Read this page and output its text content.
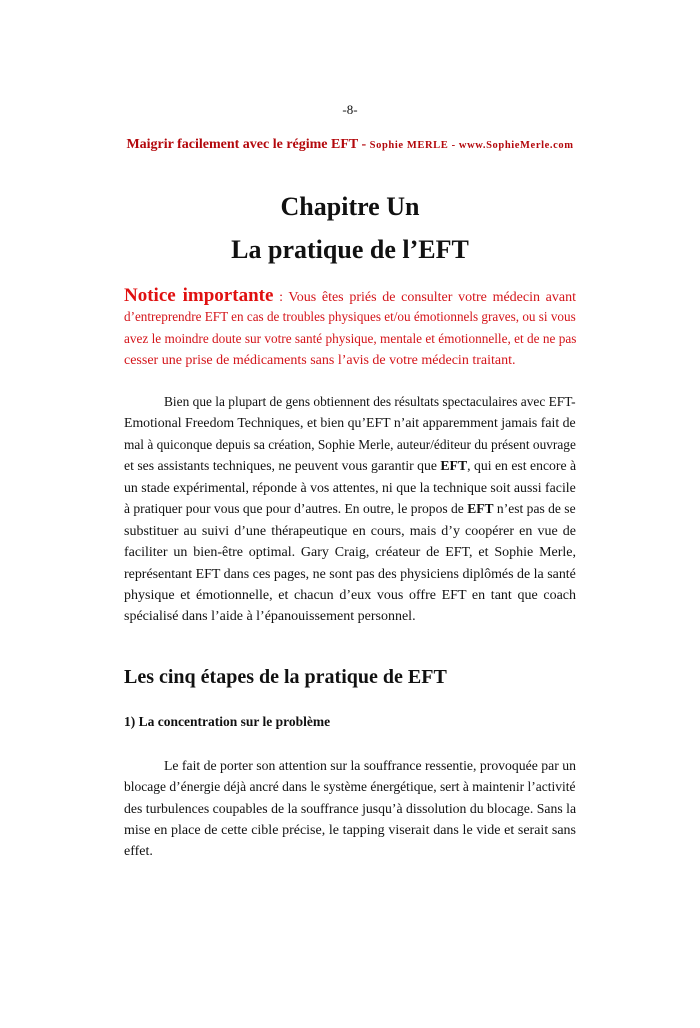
-8-
Maigrir facilement avec le régime EFT - Sophie MERLE - www.SophieMerle.com
Chapitre Un
La pratique de l’EFT
Notice importante : Vous êtes priés de consulter votre médecin avant
d’entreprendre EFT en cas de troubles physiques et/ou émotionnels graves, ou si vous
avez le moindre doute sur votre santé physique, mentale et émotionnelle, et de ne pas
cesser une prise de médicaments sans l’avis de votre médecin traitant.
Bien que la plupart de gens obtiennent des résultats spectaculaires avec EFT-
Emotional Freedom Techniques, et bien qu’EFT n’ait apparemment jamais fait de
mal à quiconque depuis sa création, Sophie Merle, auteur/éditeur du présent ouvrage
et ses assistants techniques, ne peuvent vous garantir que EFT, qui en est encore à
un stade expérimental, réponde à vos attentes, ni que la technique soit aussi facile
à pratiquer pour vous que pour d’autres. En outre, le propos de EFT n’est pas de se
substituer au suivi d’une thérapeutique en cours, mais d’y coopérer en vue de
faciliter un bien-être optimal. Gary Craig, créateur de EFT, et Sophie Merle,
représentant EFT dans ces pages, ne sont pas des physiciens diplômés de la santé
physique et émotionnelle, et chacun d’eux vous offre EFT en tant que coach
spécialisé dans l’aide à l’épanouissement personnel.
Les cinq étapes de la pratique de EFT
1) La concentration sur le problème
Le fait de porter son attention sur la souffrance ressentie, provoquée par un
blocage d’énergie déjà ancré dans le système énergétique, sert à maintenir l’activité
des turbulences coupables de la souffrance jusqu’à dissolution du blocage. Sans la
mise en place de cette cible précise, le tapping viserait dans le vide et serait sans
effet.
